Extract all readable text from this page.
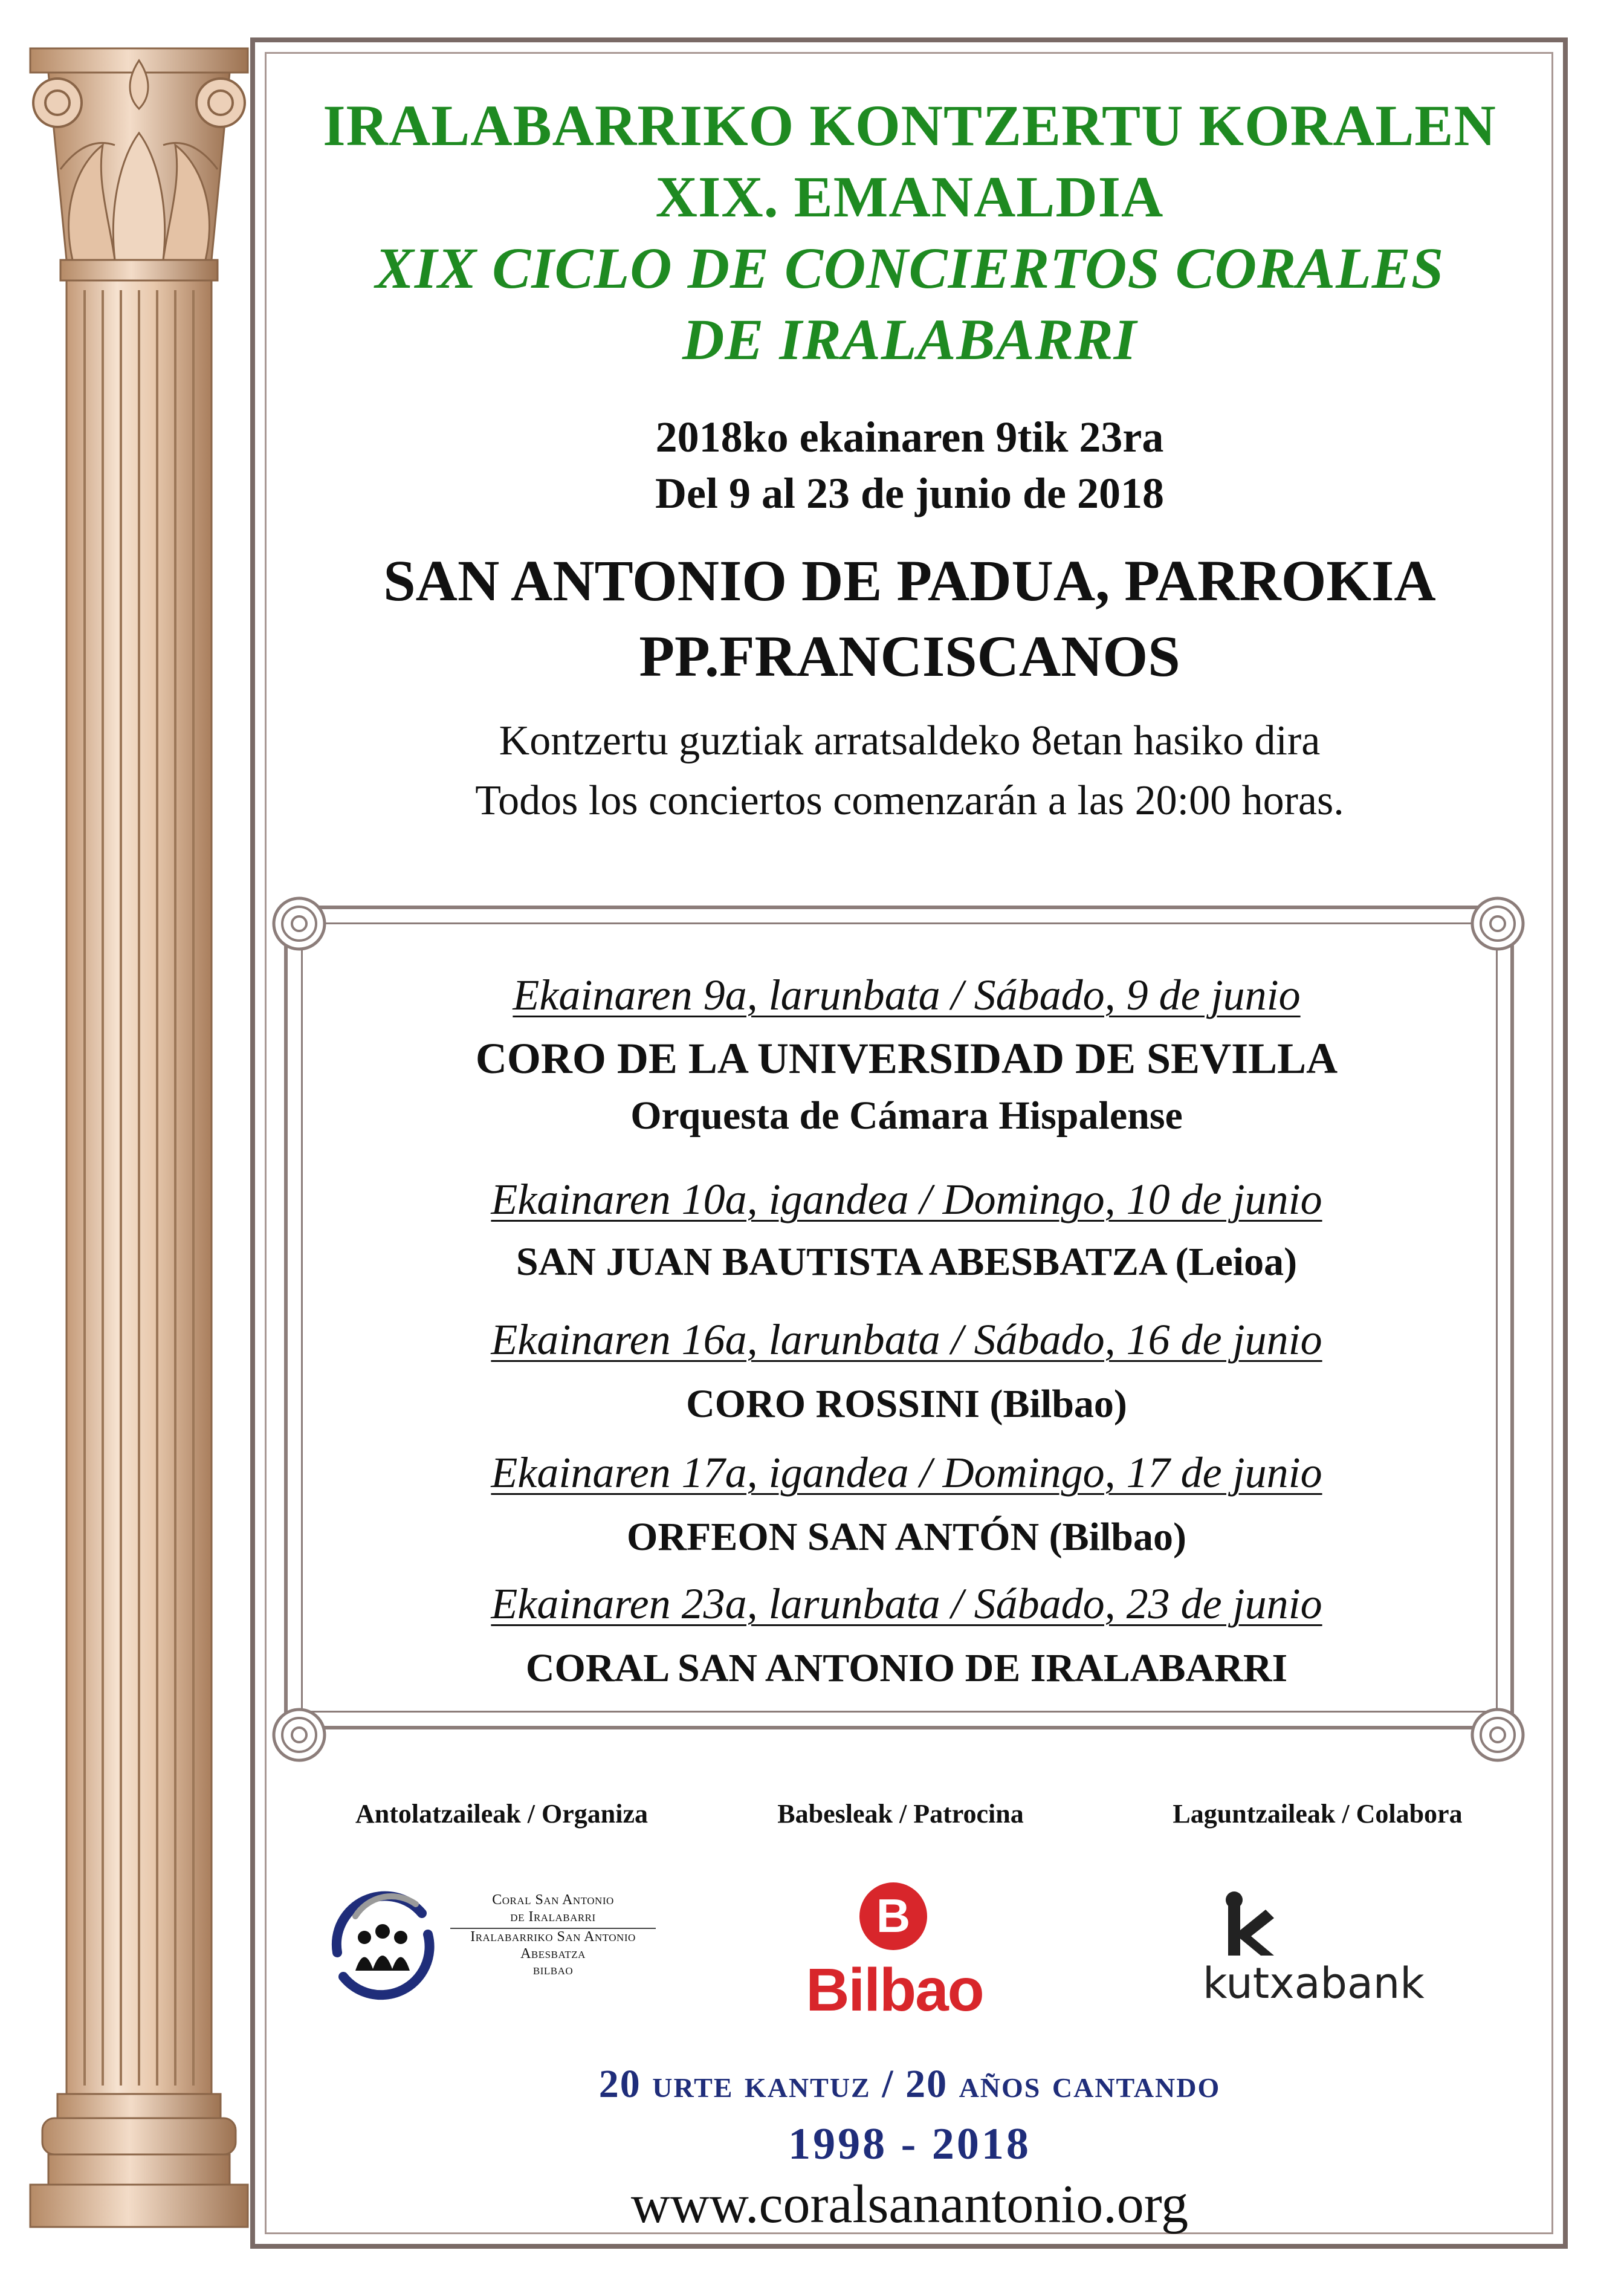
IRALABARRIKO KONTZERTU KORALEN
XIX. EMANALDIA
XIX CICLO DE CONCIERTOS CORALES
DE IRALABARRI
2018ko ekainaren 9tik 23ra
Del 9 al 23 de junio de 2018
SAN ANTONIO DE PADUA, PARROKIA
PP.FRANCISCANOS
Kontzertu guztiak arratsaldeko 8etan hasiko dira
Todos los conciertos comenzarán a las 20:00 horas.
Ekainaren 9a, larunbata / Sábado, 9 de junio
CORO DE LA UNIVERSIDAD DE SEVILLA
Orquesta de Cámara Hispalense
Ekainaren 10a, igandea / Domingo, 10 de junio
SAN JUAN BAUTISTA ABESBATZA (Leioa)
Ekainaren 16a, larunbata / Sábado, 16 de junio
CORO ROSSINI (Bilbao)
Ekainaren 17a, igandea / Domingo, 17 de junio
ORFEON SAN ANTÓN (Bilbao)
Ekainaren 23a, larunbata / Sábado, 23 de junio
CORAL SAN ANTONIO DE IRALABARRI
Antolatzaileak / Organiza	Babesleak / Patrocina	Laguntzaileak / Colabora
Coral San Antonio
de Iralabarri
Iralabarriko San Antonio
Abesbatza
bilbao
B
Bilbao	kutxabank
20 urte kantuz / 20 años cantando
1998 - 2018
www.coralsanantonio.org
